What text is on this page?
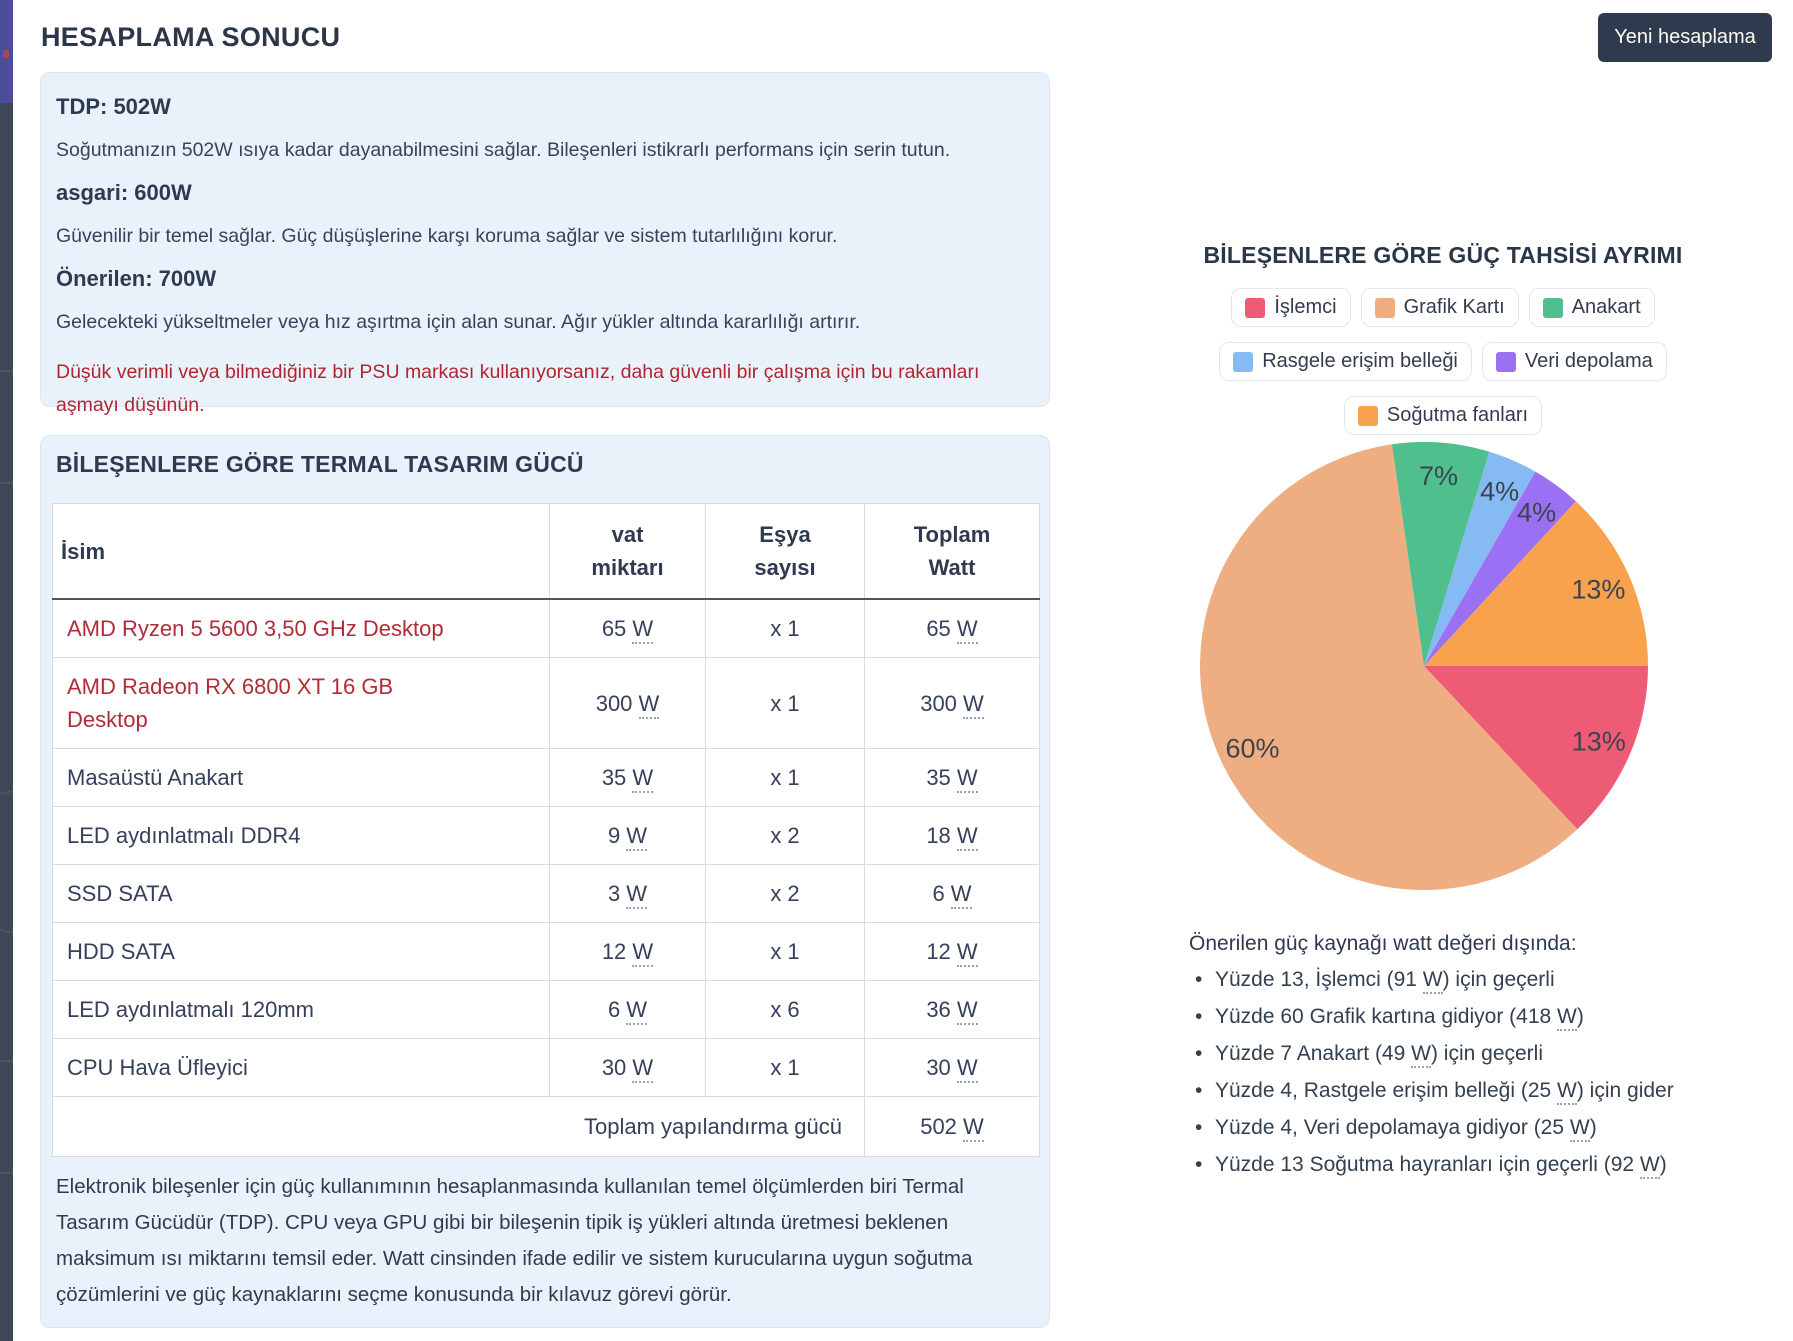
HESAPLAMA SONUCU	Yeni hesaplama
TDP: 502W

Soğutmanızın 502W ısıya kadar dayanabilmesini sağlar. Bileşenleri istikrarlı performans için serin tutun.

asgari: 600W

Güvenilir bir temel sağlar. Güç düşüşlerine karşı koruma sağlar ve sistem tutarlılığını korur.

Önerilen: 700W

Gelecekteki yükseltmeler veya hız aşırtma için alan sunar. Ağır yükler altında kararlılığı artırır.

Düşük verimli veya bilmediğiniz bir PSU markası kullanıyorsanız, daha güvenli bir çalışma için bu rakamları aşmayı düşünün.

BİLEŞENLERE GÖRE TERMAL TASARIM GÜCÜ
İsim	vat miktarı	Eşya sayısı	Toplam Watt
AMD Ryzen 5 5600 3,50 GHz Desktop	65 W	x 1	65 W
AMD Radeon RX 6800 XT 16 GB Desktop	300 W	x 1	300 W
Masaüstü Anakart	35 W	x 1	35 W
LED aydınlatmalı DDR4	9 W	x 2	18 W
SSD SATA	3 W	x 2	6 W
HDD SATA	12 W	x 1	12 W
LED aydınlatmalı 120mm	6 W	x 6	36 W
CPU Hava Üfleyici	30 W	x 1	30 W
Toplam yapılandırma gücü			502 W

Elektronik bileşenler için güç kullanımının hesaplanmasında kullanılan temel ölçümlerden biri Termal Tasarım Gücüdür (TDP). CPU veya GPU gibi bir bileşenin tipik iş yükleri altında üretmesi beklenen maksimum ısı miktarını temsil eder. Watt cinsinden ifade edilir ve sistem kurucularına uygun soğutma çözümlerini ve güç kaynaklarını seçme konusunda bir kılavuz görevi görür.

BİLEŞENLERE GÖRE GÜÇ TAHSİSİ AYRIMI
İşlemci	Grafik Kartı	Anakart
Rasgele erişim belleği	Veri depolama
Soğutma fanları
13%
60%
7%
4%
4%
13%
Önerilen güç kaynağı watt değeri dışında:
• Yüzde 13, İşlemci (91 W) için geçerli
• Yüzde 60 Grafik kartına gidiyor (418 W)
• Yüzde 7 Anakart (49 W) için geçerli
• Yüzde 4, Rastgele erişim belleği (25 W) için gider
• Yüzde 4, Veri depolamaya gidiyor (25 W)
• Yüzde 13 Soğutma hayranları için geçerli (92 W)
